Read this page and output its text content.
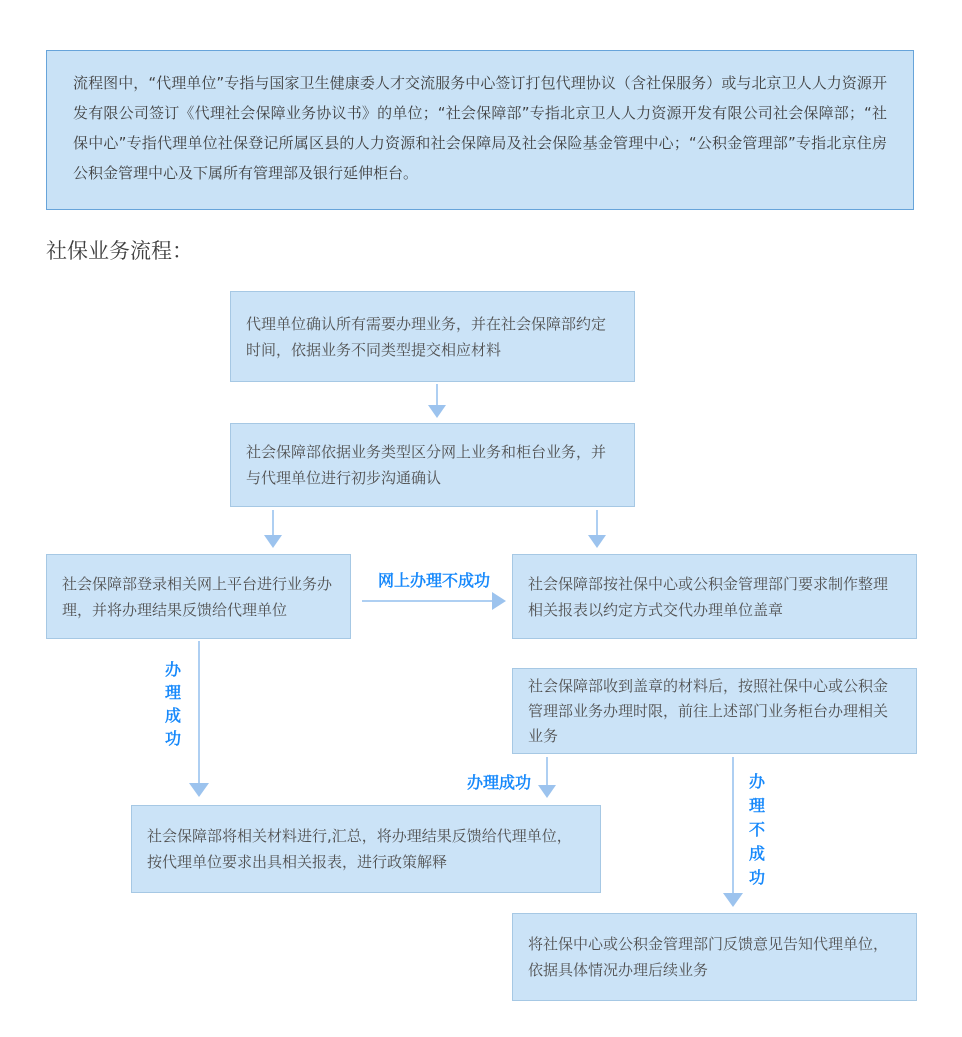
流程图中，“代理单位”专指与国家卫生健康委人才交流服务中心签订打包代理协议（含社保服务）或与北京卫人人力资源开发有限公司签订《代理社会保障业务协议书》的单位；“社会保障部”专指北京卫人人力资源开发有限公司社会保障部；“社保中心”专指代理单位社保登记所属区县的人力资源和社会保障局及社会保险基金管理中心；“公积金管理部”专指北京住房公积金管理中心及下属所有管理部及银行延伸柜台。
社保业务流程：
代理单位确认所有需要办理业务，并在社会保障部约定时间，依据业务不同类型提交相应材料
社会保障部依据业务类型区分网上业务和柜台业务，并与代理单位进行初步沟通确认
社会保障部登录相关网上平台进行业务办理，并将办理结果反馈给代理单位
网上办理不成功	社会保障部按社保中心或公积金管理部门要求制作整理相关报表以约定方式交代办理单位盖章
社会保障部收到盖章的材料后，按照社保中心或公积金管理部业务办理时限，前往上述部门业务柜台办理相关业务
办理成功
办理成功	办理不成功
社会保障部将相关材料进行,汇总，将办理结果反馈给代理单位，按代理单位要求出具相关报表，进行政策解释
将社保中心或公积金管理部门反馈意见告知代理单位，依据具体情况办理后续业务
